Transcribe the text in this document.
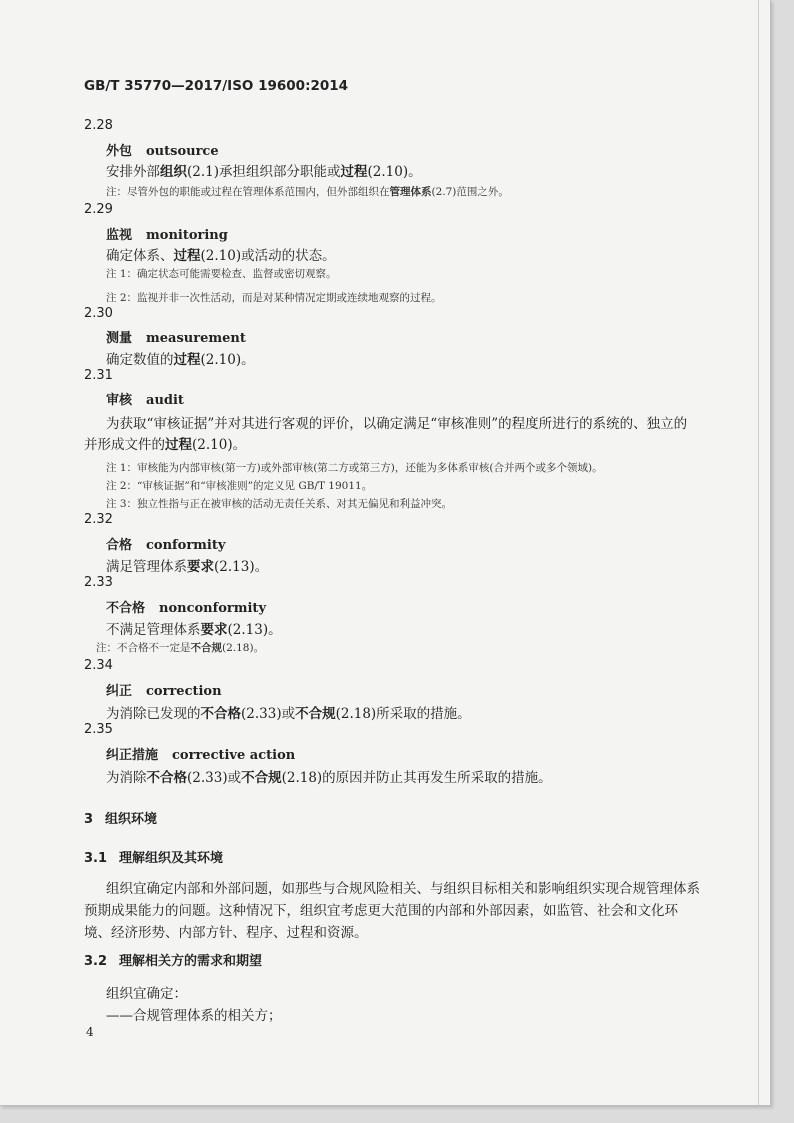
GB/T 35770—2017/ISO 19600:2014
2.28
外包 outsource
安排外部组织(2.1)承担组织部分职能或过程(2.10)。
注：尽管外包的职能或过程在管理体系范围内，但外部组织在管理体系(2.7)范围之外。
2.29
监视 monitoring
确定体系、过程(2.10)或活动的状态。
注 1：确定状态可能需要检查、监督或密切观察。
注 2：监视并非一次性活动，而是对某种情况定期或连续地观察的过程。
2.30
测量 measurement
确定数值的过程(2.10)。
2.31
审核 audit
为获取“审核证据”并对其进行客观的评价，以确定满足“审核准则”的程度所进行的系统的、独立的
并形成文件的过程(2.10)。
注 1：审核能为内部审核(第一方)或外部审核(第二方或第三方)，还能为多体系审核(合并两个或多个领域)。
注 2：“审核证据”和“审核准则”的定义见 GB/T 19011。
注 3：独立性指与正在被审核的活动无责任关系、对其无偏见和利益冲突。
2.32
合格 conformity
满足管理体系要求(2.13)。
2.33
不合格 nonconformity
不满足管理体系要求(2.13)。
注：不合格不一定是不合规(2.18)。
2.34
纠正 correction
为消除已发现的不合格(2.33)或不合规(2.18)所采取的措施。
2.35
纠正措施 corrective action
为消除不合格(2.33)或不合规(2.18)的原因并防止其再发生所采取的措施。
3 组织环境
3.1 理解组织及其环境
组织宜确定内部和外部问题，如那些与合规风险相关、与组织目标相关和影响组织实现合规管理体系预期成果能力的问题。这种情况下，组织宜考虑更大范围的内部和外部因素，如监管、社会和文化环境、经济形势、内部方针、程序、过程和资源。
3.2 理解相关方的需求和期望
组织宜确定：
——合规管理体系的相关方；
4
